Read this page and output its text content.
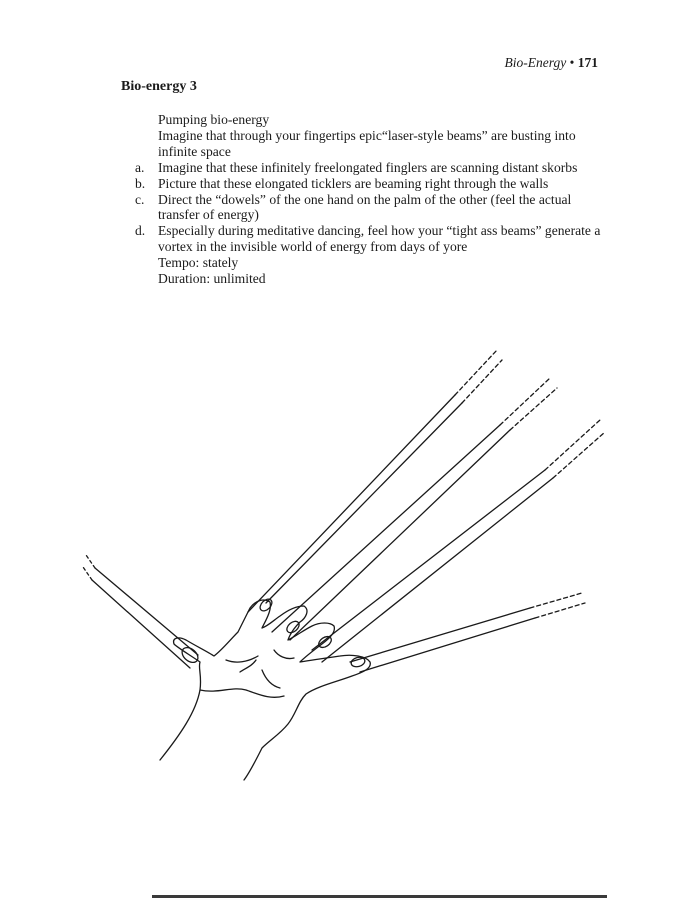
Bio-Energy • 171
Bio-energy 3
Pumping bio-energy
Imagine that through your fingertips epic“laser-style beams” are busting into infinite space
a. Imagine that these infinitely freelongated finglers are scanning distant skorbs
b. Picture that these elongated ticklers are beaming right through the walls
c. Direct the “dowels” of the one hand on the palm of the other (feel the actual transfer of energy)
d. Especially during meditative dancing, feel how your “tight ass beams” generate a vortex in the invisible world of energy from days of yore
Tempo: stately
Duration: unlimited
